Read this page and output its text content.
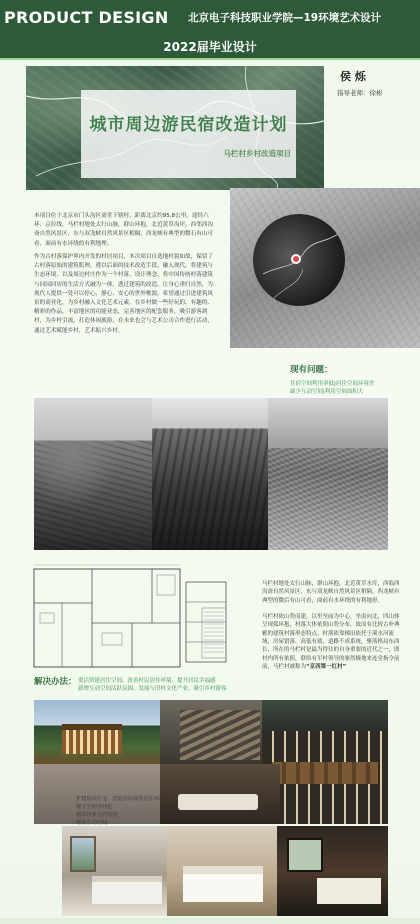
PRODUCT DESIGN 北京电子科技职业学院—19环境艺术设计
2022届毕业设计
城市周边游民宿改造计划
马栏村乡村改造项目
侯 烁
指导老师：徐彬
本项目位于北京市门头沟区斋堂下辖村，距离北京约95.8公里，途经六环、京拉线，马栏村地处太行山脉，群山环抱，北近黄草沟岸，西邻西沟斋自然风景区，东与双龙峡自然风景区相隔，西龙峡有典型的微石有山可看，面前有水环绕的有利地理。
作为古村落保护界内开发的村居项目，本次项目自选地村貌如故，保留了古村落原始的建筑肌理，遵以后面的技术改造手段，融入现代。将建筑与生态环境，以及周边村庄作为一个村落，设计理念，将中国传统村落建筑与回园回居的生活方式融为一体，透过建筑的改造、让身心重归自然，为现代人提供一处可以停心、静心、安心的世外桃源。希望通过引进建筑风景的商业化，为乡村融入文化艺术元素，在乡村做一些好玩的、有趣的、精彩的作品，丰富地区的功能业态，完善地区的配套服务，吸引游客到村，为乡村引流，打造休闲旅游，在未来也会与艺术公司合作进行活动，通过艺术赋能乡村，艺术振兴乡村。
现有问题：
住宿空间利用率低|居住空间环境差
缺少互动空间|利用空间面积大
马栏村地处太行山脉，群山环抱，北近黄草水库，西临西沟斋自然风景区，东与双龙峡自然风景区相隔，西龙峡有典型的微后有山可看，面前有水环绕的有利地形。

马栏村依山势而建，以里至庙为中心，坐南向北，四山体呈现弧环抱，村落大体依照山势分布，故而有比较古朴典雅的建筑村落形态特点。村落依靠梯田依托于溪水河流域，房屋错落，高低有致，道路不成系统，聚落格局东西长，所在的马栏村是最为得往的自身重要的近代之一，即村内所有依照，联络有军村领导的驱然极地来连堂指令前前，马栏村被称为“京西第一红村”
解决办法： 重活资建居住空间、改善村民居住环境、提升居民幸福感
新增互动空间活跃氛围、发展与旧村文化产业、吸引乡村游客
扩建居民住宅、营造居民改善居住环境
建立空间全间化
增添居家全居氛围
增加互动空间
